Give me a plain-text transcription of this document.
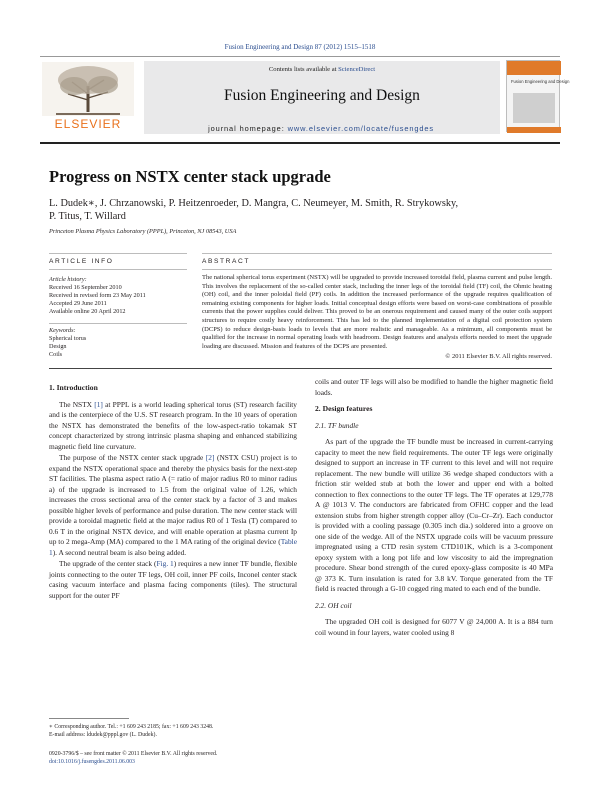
Fusion Engineering and Design 87 (2012) 1515–1518
ELSEVIER
Contents lists available at ScienceDirect
Fusion Engineering and Design
journal homepage: www.elsevier.com/locate/fusengdes
Fusion Engineering and Design
Progress on NSTX center stack upgrade
L. Dudek∗, J. Chrzanowski, P. Heitzenroeder, D. Mangra, C. Neumeyer, M. Smith, R. Strykowsky,
P. Titus, T. Willard
Princeton Plasma Physics Laboratory (PPPL), Princeton, NJ 08543, USA
ARTICLE INFO	ABSTRACT
Article history:
Received 16 September 2010
Received in revised form 23 May 2011
Accepted 29 June 2011
Available online 20 April 2012
Keywords:
Spherical torus
Design
Coils
The national spherical torus experiment (NSTX) will be upgraded to provide increased toroidal field, plasma current and pulse length. This involves the replacement of the so-called center stack, including the inner legs of the toroidal field (TF) coil, the Ohmic heating (OH) coil, and the inner poloidal field (PF) coils. In addition the increased performance of the upgrade requires qualification of remaining existing components for higher loads. Initial conceptual design efforts were based on worst-case combinations of possible currents that the power supplies could deliver. This proved to be an onerous requirement and caused many of the outer coils support structures to require costly heavy reinforcement. This has led to the planned implementation of a digital coil protection system (DCPS) to reduce design-basis loads to levels that are more realistic and manageable. As a minimum, all components must be qualified for the increase in normal operating loads with headroom. Design features and analysis efforts needed to meet the upgrade loading are discussed. Mission and features of the DCPS are presented.
© 2011 Elsevier B.V. All rights reserved.
1. Introduction

The NSTX [1] at PPPL is a world leading spherical torus (ST) research facility and is the centerpiece of the U.S. ST research program. In the 10 years of operation the NSTX has demonstrated the benefits of the low-aspect-ratio tokamak ST concept characterized by strong intrinsic plasma shaping and enhanced stabilizing magnetic field line curvature.

The purpose of the NSTX center stack upgrade [2] (NSTX CSU) project is to expand the NSTX operational space and thereby the physics basis for the next-step ST facilities. The plasma aspect ratio A (= ratio of major radius R0 to minor radius a) of the upgrade is increased to 1.5 from the original value of 1.26, which increases the cross sectional area of the center stack by a factor of 3 and makes possible higher levels of performance and pulse duration. The new center stack will provide a toroidal magnetic field at the major radius R0 of 1 Tesla (T) compared to 0.6 T in the original NSTX device, and will enable operation at plasma current Ip up to 2 mega-Amp (MA) compared to the 1 MA rating of the original device (Table 1). A second neutral beam is also being added.

The upgrade of the center stack (Fig. 1) requires a new inner TF bundle, flexible joints connecting to the outer TF legs, OH coil, inner PF coils, Inconel center stack casing vacuum interface and plasma facing components (tiles). The structural support for the outer PF

coils and outer TF legs will also be modified to handle the higher magnetic field loads.

2. Design features
2.1. TF bundle

As part of the upgrade the TF bundle must be increased in current-carrying capacity to meet the new field requirements. The outer TF legs were originally designed to support an increase in TF current to this level and will not require replacement. The new bundle will utilize 36 wedge shaped conductors with a friction stir welded stub at both the lower and upper end with a bolted connection to flex connections to the outer TF legs. The TF operates at 129,778 A @ 1013 V. The conductors are fabricated from OFHC copper and the lead extension stubs from higher strength copper alloy (Cu–Cr–Zr). Each conductor is provided with a cooling passage (0.305 inch dia.) soldered into a groove on one side of the wedge. All of the NSTX upgrade coils will be vacuum pressure impregnated using a CTD resin system CTD101K, which is a 3-component epoxy system with a long pot life and low viscosity to aid the impregnation procedure. Shear bond strength of the cured epoxy-glass composite is 40 MPa @ 373 K. Turn insulation is rated for 3.8 kV. Torque generated from the TF field is reacted through a G-10 cogged ring mated to each end of the bundle.

2.2. OH coil

The upgraded OH coil is designed for 6077 V @ 24,000 A. It is a 884 turn coil wound in four layers, water cooled using 8

∗ Corresponding author. Tel.: +1 609 243 2185; fax: +1 609 243 3248.
E-mail address: ldudek@pppl.gov (L. Dudek).
0920-3796/$ – see front matter © 2011 Elsevier B.V. All rights reserved.
doi:10.1016/j.fusengdes.2011.06.003
